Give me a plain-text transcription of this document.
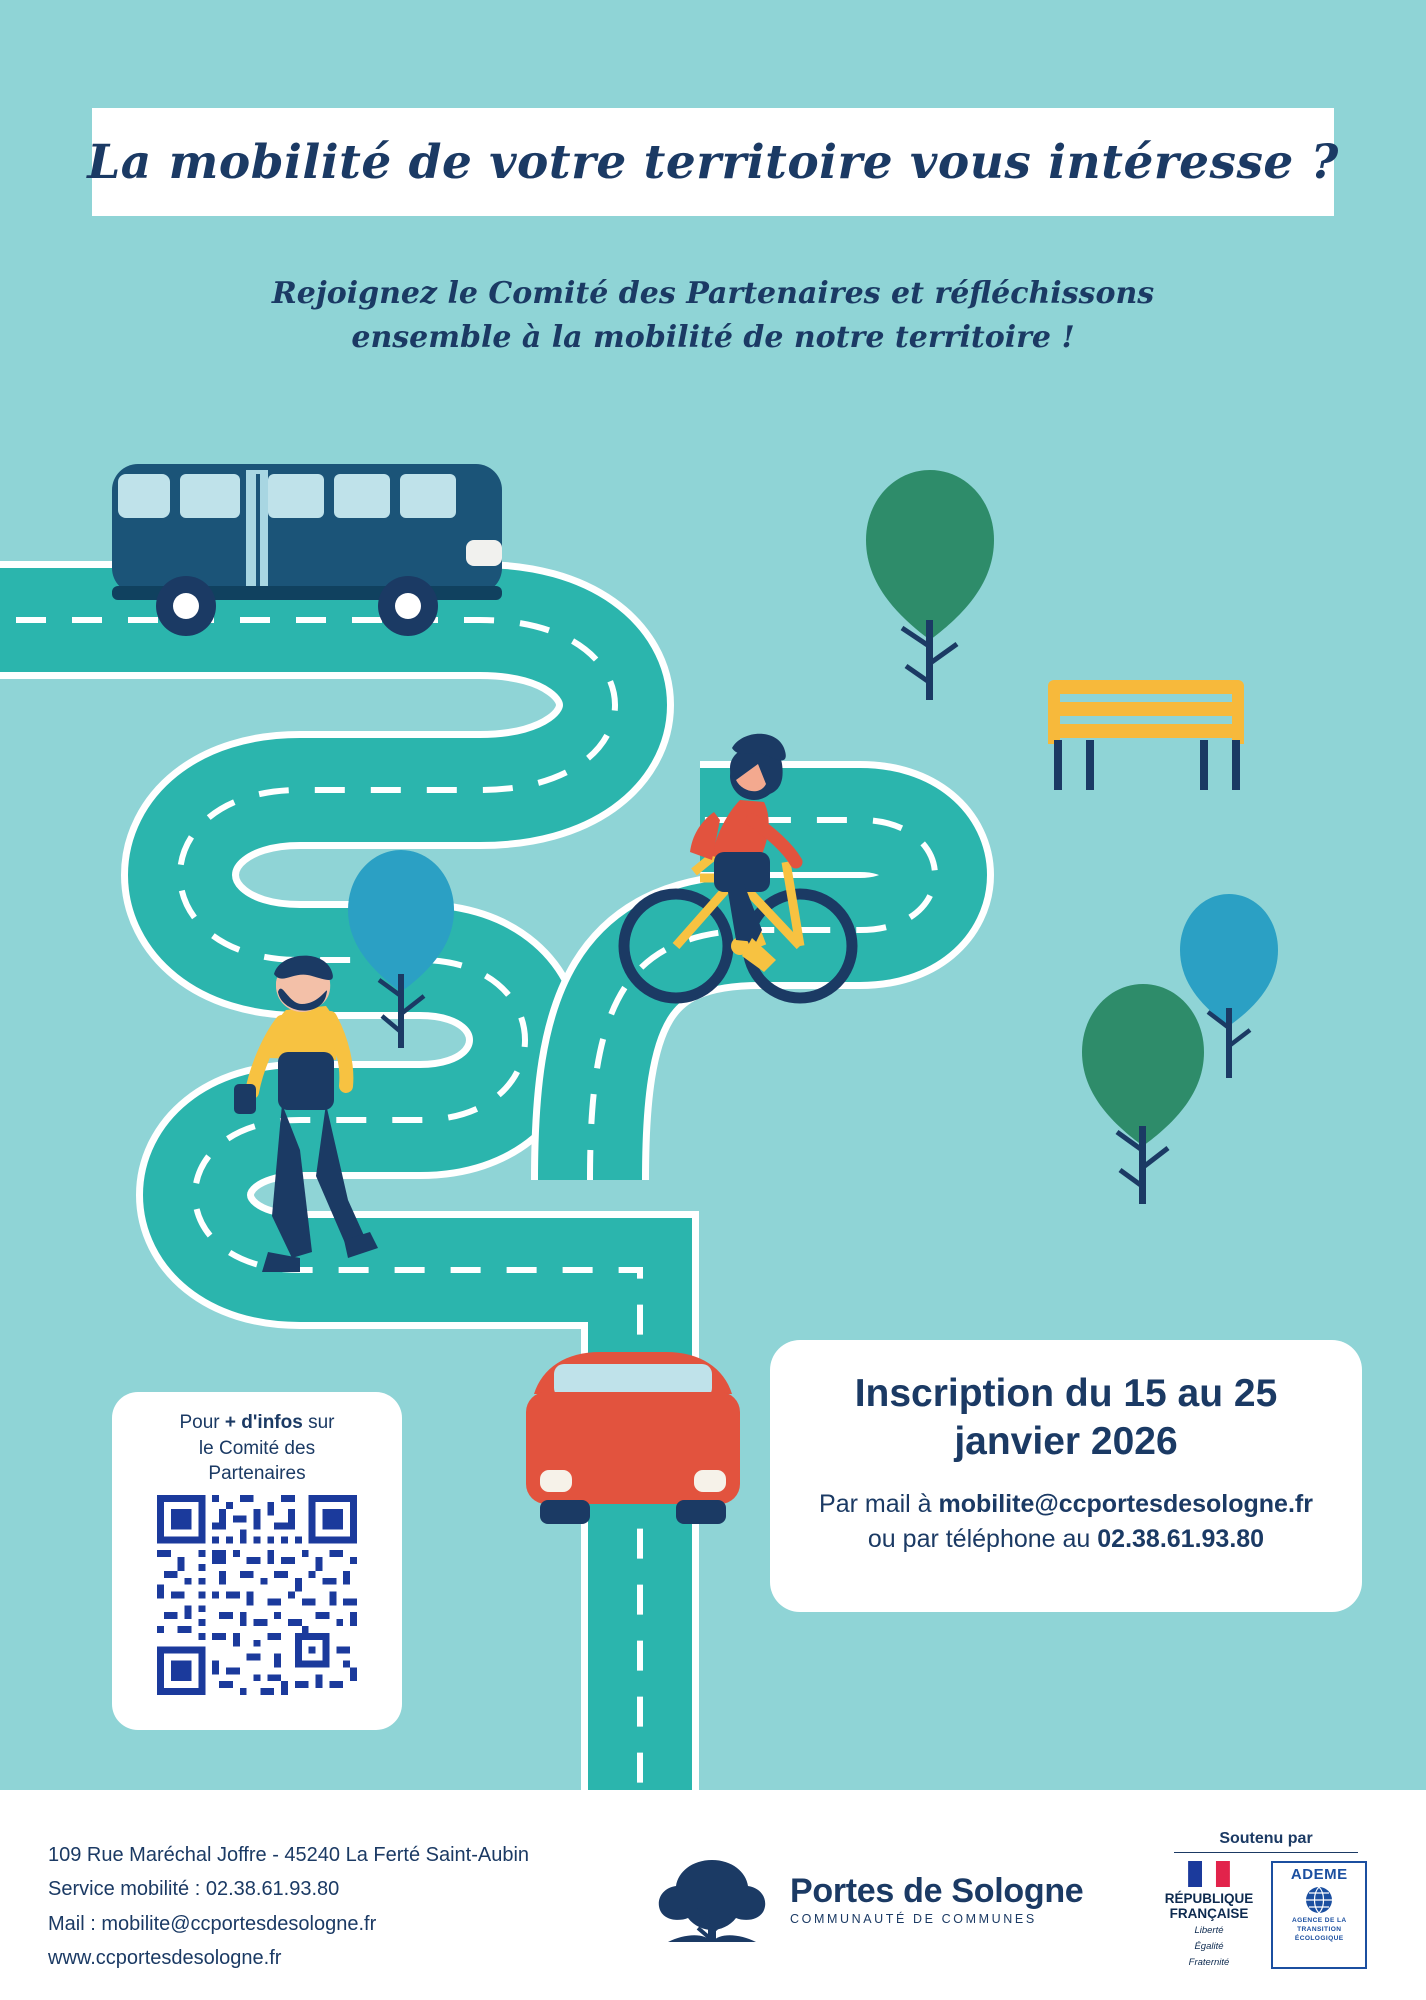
La mobilité de votre territoire vous intéresse ?
Rejoignez le Comité des Partenaires et réfléchissons
ensemble à la mobilité de notre territoire !
Pour + d'infos sur
le Comité des
Partenaires
Inscription du 15 au 25
janvier 2026
Par mail à mobilite@ccportesdesologne.fr
ou par téléphone au 02.38.61.93.80
109 Rue Maréchal Joffre - 45240 La Ferté Saint-Aubin
Service mobilité : 02.38.61.93.80
Mail : mobilite@ccportesdesologne.fr
www.ccportesdesologne.fr
Portes de Sologne
COMMUNAUTÉ DE COMMUNES
Soutenu par
RÉPUBLIQUE
FRANÇAISE
Liberté
Égalité
Fraternité
ADEME
AGENCE DE LA
TRANSITION
ÉCOLOGIQUE
